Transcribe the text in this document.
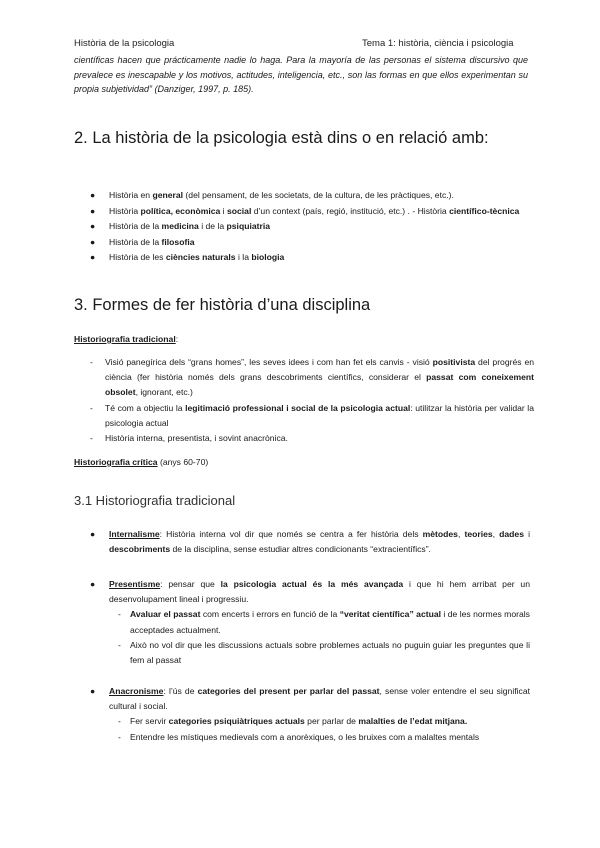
Història de la psicologia	Tema 1: història, ciència i psicologia
científicas hacen que prácticamente nadie lo haga. Para la mayoría de las personas el sistema discursivo que prevalece es inescapable y los motivos, actitudes, inteligencia, etc., son las formas en que ellos experimentan su propia subjetividad” (Danziger, 1997, p. 185).
2. La història de la psicologia està dins o en relació amb:
● Història en general (del pensament, de les societats, de la cultura, de les pràctiques, etc.).
● Història política, econòmica i social d’un context (país, regió, institució, etc.) . - Història científico-tècnica
● Història de la medicina i de la psiquiatria
● Història de la filosofia
● Història de les ciències naturals i la biologia
3. Formes de fer història d’una disciplina
Historiografia tradicional:
- Visió panegírica dels “grans homes”, les seves idees i com han fet els canvis - visió positivista del progrés en ciència (fer història només dels grans descobriments científics, considerar el passat com coneixement obsolet, ignorant, etc.)
- Té com a objectiu la legitimació professional i social de la psicologia actual: utilitzar la història per validar la psicologia actual
- Història interna, presentista, i sovint anacrònica.
Historiografia crítica (anys 60-70)
3.1 Historiografia tradicional
● Internalisme: Història interna vol dir que només se centra a fer història dels mètodes, teories, dades i descobriments de la disciplina, sense estudiar altres condicionants “extracientífics”.
● Presentisme: pensar que la psicologia actual és la més avançada i que hi hem arribat per un desenvolupament lineal i progressiu.
- Avaluar el passat com encerts i errors en funció de la “veritat científica” actual i de les normes morals acceptades actualment.
- Això no vol dir que les discussions actuals sobre problemes actuals no puguin guiar les preguntes que li fem al passat
● Anacronisme: l’ús de categories del present per parlar del passat, sense voler entendre el seu significat cultural i social.
- Fer servir categories psiquiàtriques actuals per parlar de malalties de l’edat mitjana.
- Entendre les místiques medievals com a anorèxiques, o les bruixes com a malaltes mentals
